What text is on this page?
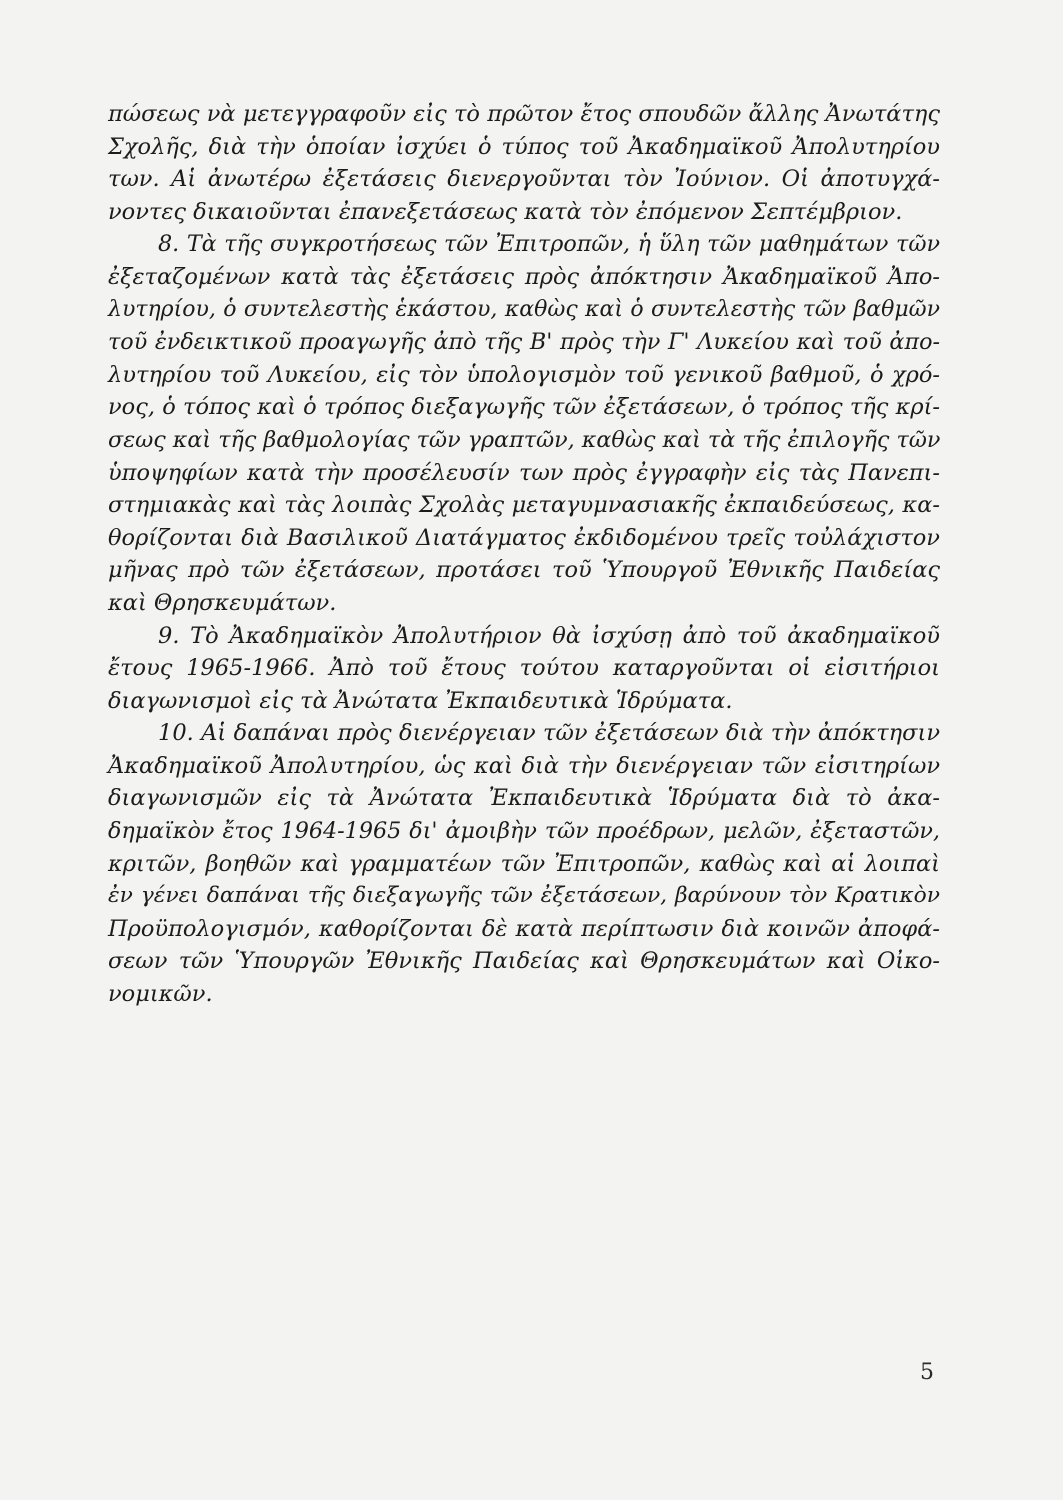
πώσεως νὰ μετεγγραφοῦν εἰς τὸ πρῶτον ἔτος σπουδῶν ἄλλης Ἀνωτάτης
Σχολῆς, διὰ τὴν ὁποίαν ἰσχύει ὁ τύπος τοῦ Ἀκαδημαϊκοῦ Ἀπολυτηρίου
των. Αἱ ἀνωτέρω ἐξετάσεις διενεργοῦνται τὸν Ἰούνιον. Οἱ ἀποτυγχά-
νοντες δικαιοῦνται ἐπανεξετάσεως κατὰ τὸν ἐπόμενον Σεπτέμβριον.
8. Τὰ τῆς συγκροτήσεως τῶν Ἐπιτροπῶν, ἡ ὕλη τῶν μαθημάτων τῶν
ἐξεταζομένων κατὰ τὰς ἐξετάσεις πρὸς ἀπόκτησιν Ἀκαδημαϊκοῦ Ἀπο-
λυτηρίου, ὁ συντελεστὴς ἑκάστου, καθὼς καὶ ὁ συντελεστὴς τῶν βαθμῶν
τοῦ ἐνδεικτικοῦ προαγωγῆς ἀπὸ τῆς Β' πρὸς τὴν Γ' Λυκείου καὶ τοῦ ἀπο-
λυτηρίου τοῦ Λυκείου, εἰς τὸν ὑπολογισμὸν τοῦ γενικοῦ βαθμοῦ, ὁ χρό-
νος, ὁ τόπος καὶ ὁ τρόπος διεξαγωγῆς τῶν ἐξετάσεων, ὁ τρόπος τῆς κρί-
σεως καὶ τῆς βαθμολογίας τῶν γραπτῶν, καθὼς καὶ τὰ τῆς ἐπιλογῆς τῶν
ὑποψηφίων κατὰ τὴν προσέλευσίν των πρὸς ἐγγραφὴν εἰς τὰς Πανεπι-
στημιακὰς καὶ τὰς λοιπὰς Σχολὰς μεταγυμνασιακῆς ἐκπαιδεύσεως, κα-
θορίζονται διὰ Βασιλικοῦ Διατάγματος ἐκδιδομένου τρεῖς τοὐλάχιστον
μῆνας πρὸ τῶν ἐξετάσεων, προτάσει τοῦ Ὑπουργοῦ Ἐθνικῆς Παιδείας
καὶ Θρησκευμάτων.
9. Τὸ Ἀκαδημαϊκὸν Ἀπολυτήριον θὰ ἰσχύσῃ ἀπὸ τοῦ ἀκαδημαϊκοῦ
ἔτους 1965-1966. Ἀπὸ τοῦ ἔτους τούτου καταργοῦνται οἱ εἰσιτήριοι
διαγωνισμοὶ εἰς τὰ Ἀνώτατα Ἐκπαιδευτικὰ Ἱδρύματα.
10. Αἱ δαπάναι πρὸς διενέργειαν τῶν ἐξετάσεων διὰ τὴν ἀπόκτησιν
Ἀκαδημαϊκοῦ Ἀπολυτηρίου, ὡς καὶ διὰ τὴν διενέργειαν τῶν εἰσιτηρίων
διαγωνισμῶν εἰς τὰ Ἀνώτατα Ἐκπαιδευτικὰ Ἱδρύματα διὰ τὸ ἀκα-
δημαϊκὸν ἔτος 1964-1965 δι' ἀμοιβὴν τῶν προέδρων, μελῶν, ἐξεταστῶν,
κριτῶν, βοηθῶν καὶ γραμματέων τῶν Ἐπιτροπῶν, καθὼς καὶ αἱ λοιπαὶ
ἐν γένει δαπάναι τῆς διεξαγωγῆς τῶν ἐξετάσεων, βαρύνουν τὸν Κρατικὸν
Προϋπολογισμόν, καθορίζονται δὲ κατὰ περίπτωσιν διὰ κοινῶν ἀποφά-
σεων τῶν Ὑπουργῶν Ἐθνικῆς Παιδείας καὶ Θρησκευμάτων καὶ Οἰκο-
νομικῶν.
5
